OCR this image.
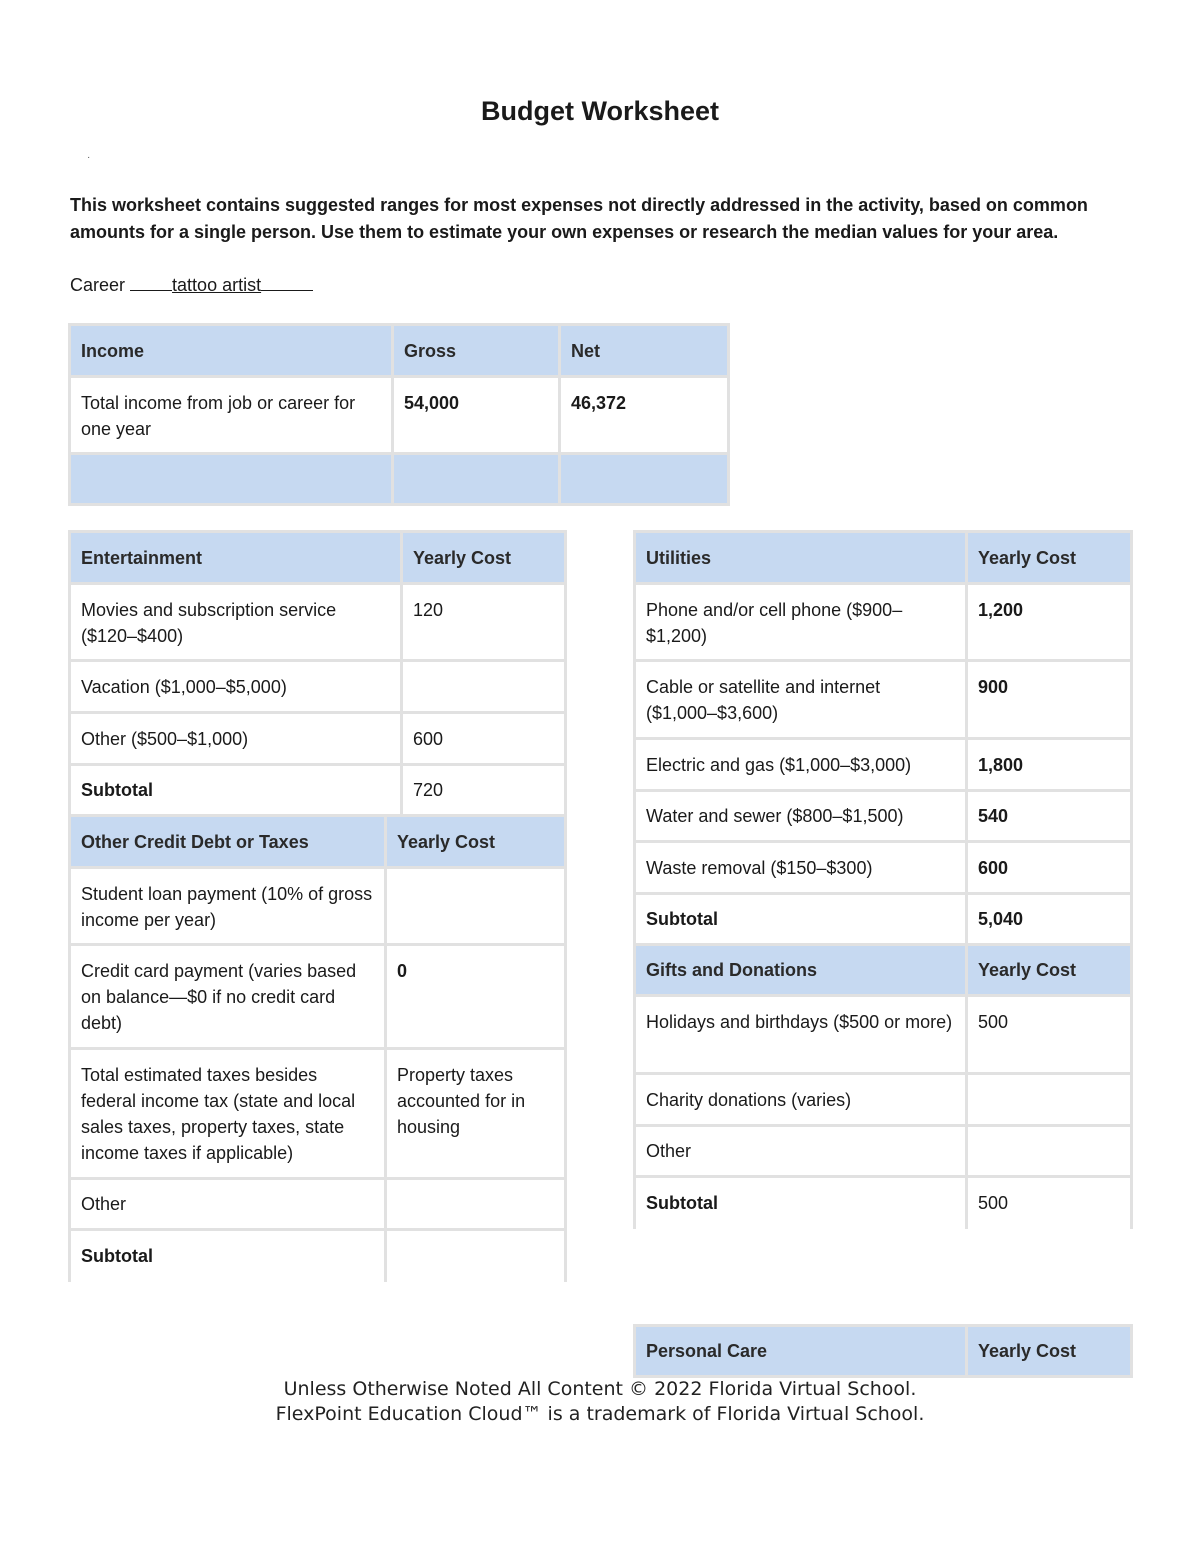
Budget Worksheet
·
This worksheet contains suggested ranges for most expenses not directly addressed in the activity, based on common amounts for a single person. Use them to estimate your own expenses or research the median values for your area.
Career	tattoo artist
Income	Gross	Net
Total income from job or career for one year	54,000	46,372

Entertainment	Yearly Cost
Movies and subscription service ($120–$400)	120
Vacation ($1,000–$5,000)	
Other ($500–$1,000)	600
Subtotal	720
Other Credit Debt or Taxes	Yearly Cost
Student loan payment (10% of gross income per year)	
Credit card payment (varies based on balance—$0 if no credit card debt)	0
Total estimated taxes besides federal income tax (state and local sales taxes, property taxes, state income taxes if applicable)	Property taxes accounted for in housing
Other	
Subtotal	
Utilities	Yearly Cost
Phone and/or cell phone ($900–$1,200)	1,200
Cable or satellite and internet ($1,000–$3,600)	900
Electric and gas ($1,000–$3,000)	1,800
Water and sewer ($800–$1,500)	540
Waste removal ($150–$300)	600
Subtotal	5,040
Gifts and Donations	Yearly Cost
Holidays and birthdays ($500 or more)	500
Charity donations (varies)	
Other	
Subtotal	500
Personal Care	Yearly Cost
Unless Otherwise Noted All Content © 2022 Florida Virtual School.
FlexPoint Education Cloud™ is a trademark of Florida Virtual School.
